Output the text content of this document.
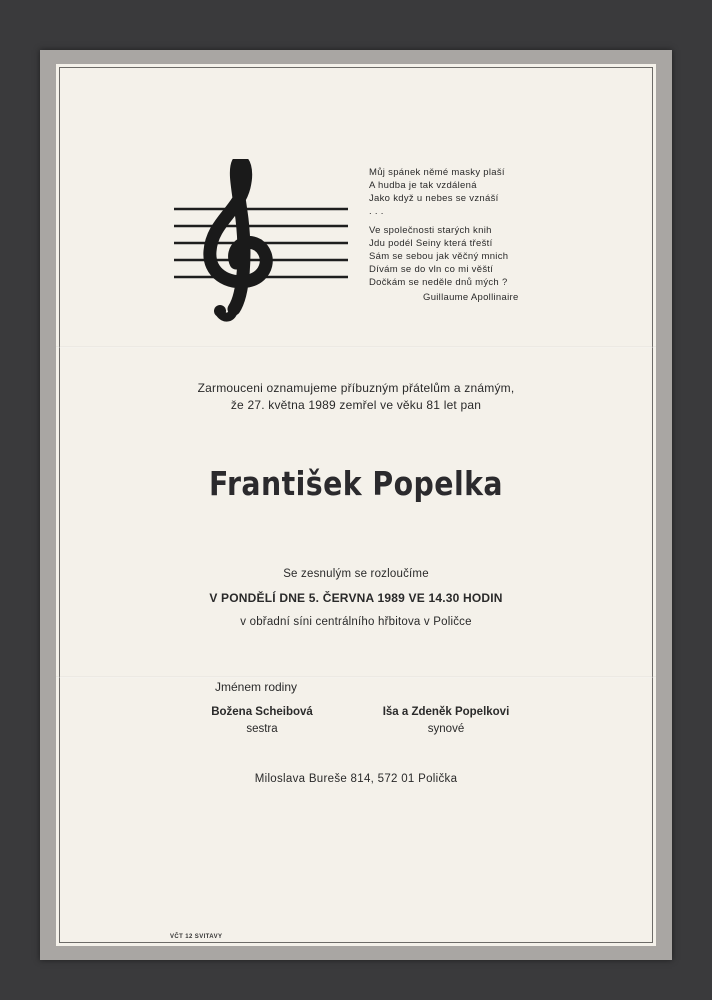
Můj spánek němé masky plaší
A hudba je tak vzdálená
Jako když u nebes se vznáší
. . .
Ve společnosti starých knih
Jdu podél Seiny která třeští
Sám se sebou jak věčný mnich
Dívám se do vln co mi věští
Dočkám se neděle dnů mých ?
Guillaume Apollinaire
Zarmouceni oznamujeme příbuzným přátelům a známým,
že 27. května 1989 zemřel ve věku 81 let pan
František Popelka
Se zesnulým se rozloučíme
V PONDĚLÍ DNE 5. ČERVNA 1989 VE 14.30 HODIN
v obřadní síni centrálního hřbitova v Poličce
Jménem rodiny
Božena Scheibová
sestra
Iša a Zdeněk Popelkovi
synové
Miloslava Bureše 814, 572 01 Polička
VČT 12 SVITAVY
